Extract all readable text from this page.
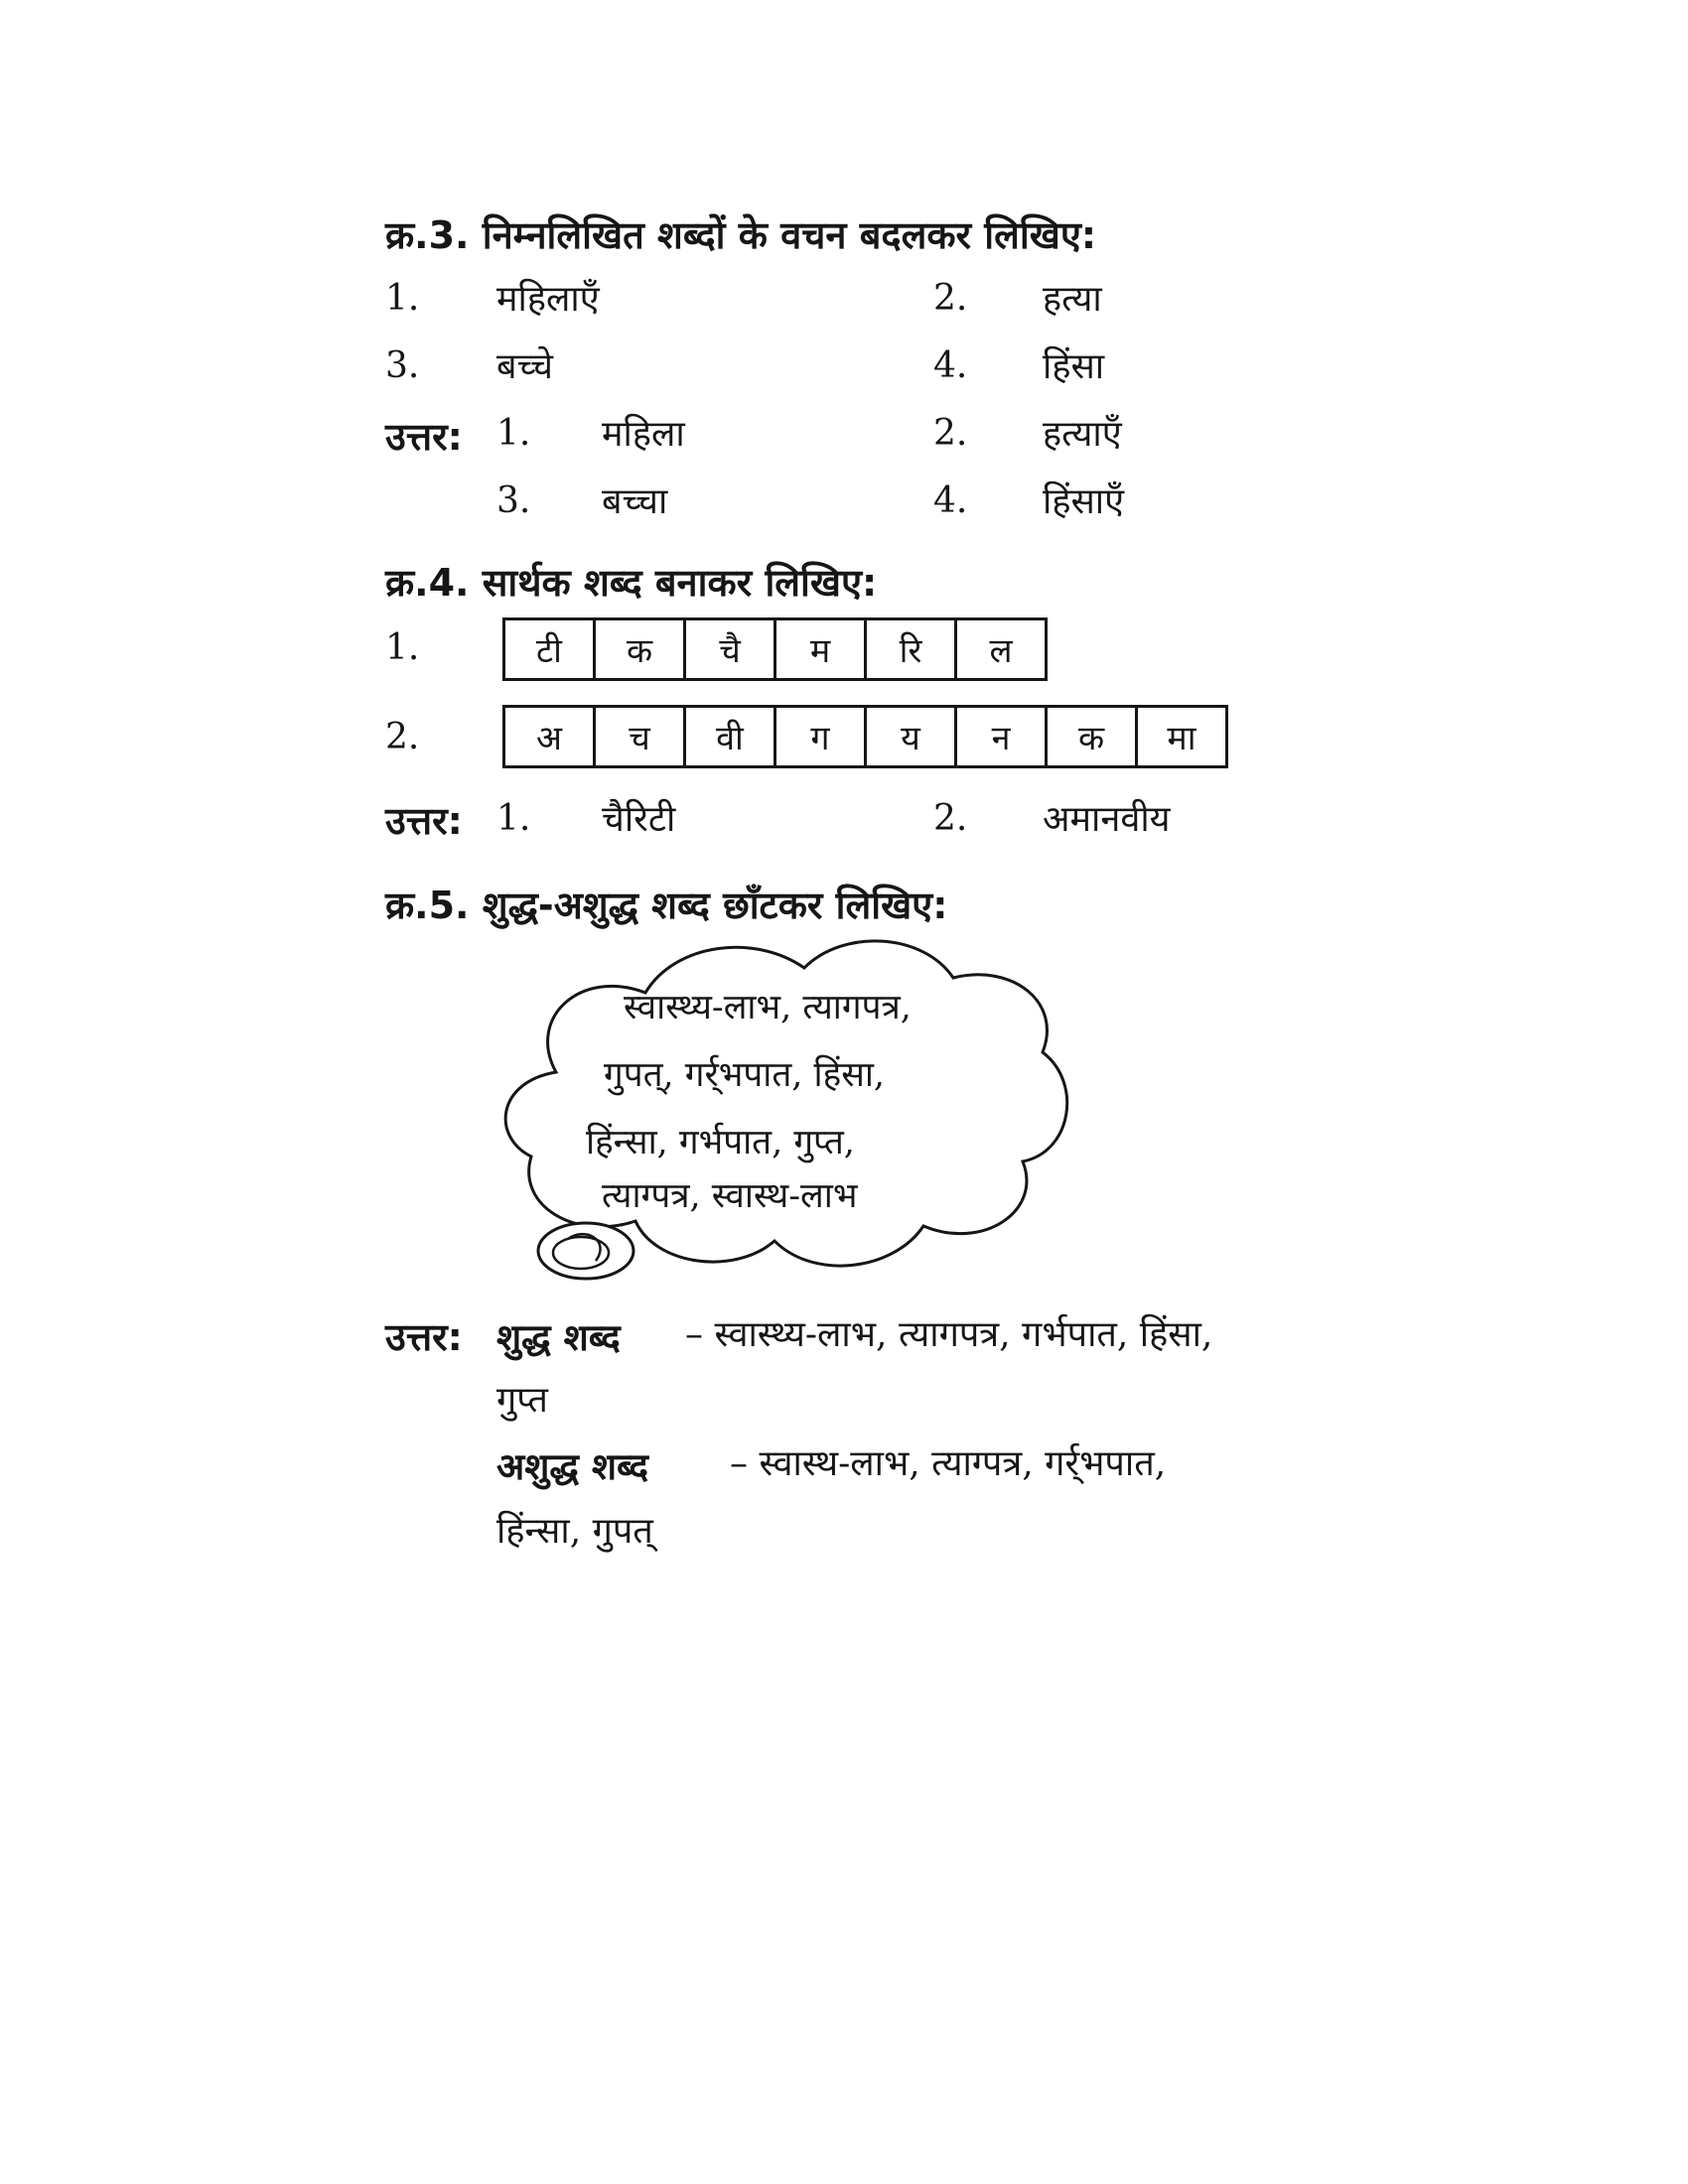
क्र.3. निम्नलिखित शब्दों के वचन बदलकर लिखिए:
1. महिलाएँ	2. हत्या
3. बच्चे	4. हिंसा
उत्तर: 1. महिला	2. हत्याएँ
3. बच्चा	4. हिंसाएँ
क्र.4. सार्थक शब्द बनाकर लिखिए:
1.	टी	क	चै	म	रि	ल
2.	अ	च	वी	ग	य	न	क	मा
उत्तर: 1. चैरिटी	2. अमानवीय
क्र.5. शुद्ध-अशुद्ध शब्द छाँटकर लिखिए:
स्वास्थ्य-लाभ, त्यागपत्र,
गुपत्, गर्र्भपात, हिंसा,
हिंन्सा, गर्भपात, गुप्त,
त्याग्पत्र, स्वास्थ-लाभ
उत्तर: शुद्ध शब्द – स्वास्थ्य-लाभ, त्यागपत्र, गर्भपात, हिंसा,
गुप्त
अशुद्ध शब्द – स्वास्थ-लाभ, त्याग्पत्र, गर्र्भपात,
हिंन्सा, गुपत्
